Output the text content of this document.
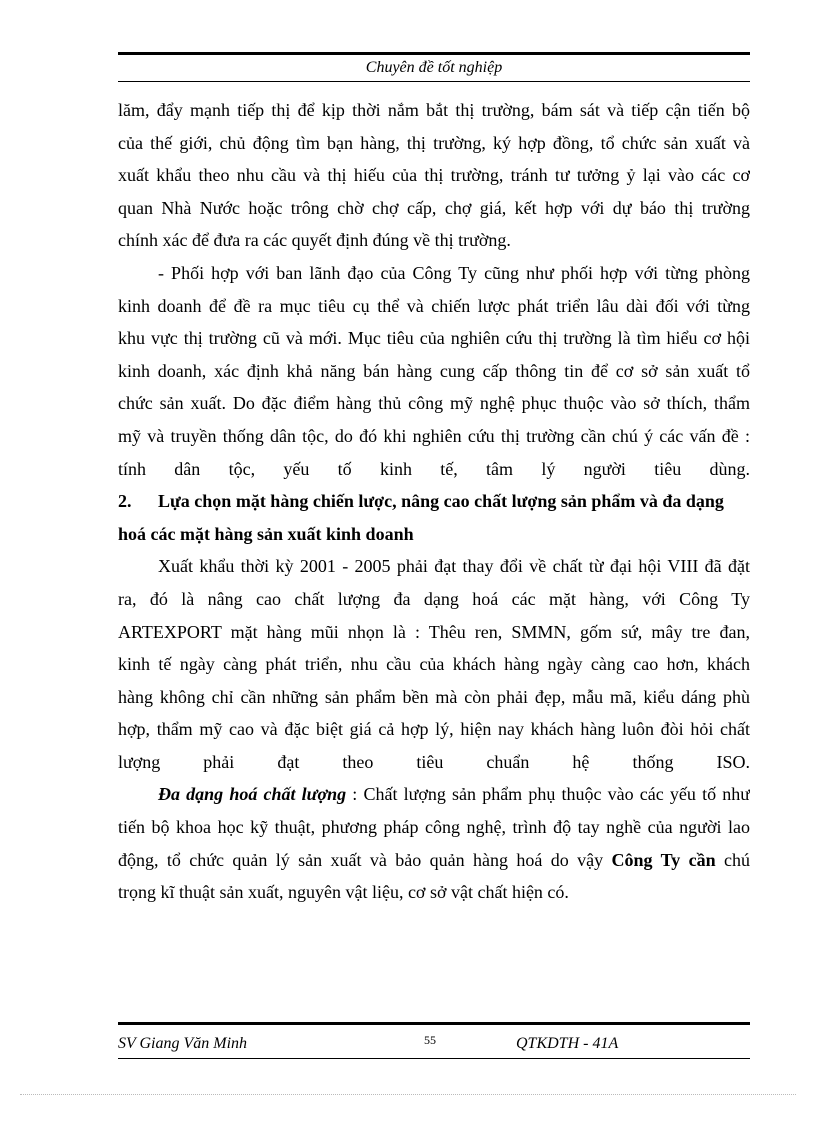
Chuyên đề tốt nghiệp
lăm, đẩy mạnh tiếp thị để kịp thời nắm bắt thị trường, bám sát và tiếp cận tiến bộ
của thế giới, chủ động tìm bạn hàng, thị trường, ký hợp đồng, tổ chức sản xuất và
xuất khẩu theo nhu cầu và thị hiếu của thị trường, tránh tư tưởng ỷ lại vào các cơ
quan Nhà Nước hoặc trông chờ chợ cấp, chợ giá, kết hợp với dự báo thị trường
chính xác để đưa ra các quyết định đúng về thị trường.
- Phối hợp với ban lãnh đạo của Công Ty cũng như phối hợp với từng phòng
kinh doanh để đề ra mục tiêu cụ thể và chiến lược phát triển lâu dài đối với từng
khu vực thị trường cũ và mới. Mục tiêu của nghiên cứu thị trường là tìm hiểu cơ hội
kinh doanh, xác định khả năng bán hàng cung cấp thông tin để cơ sở sản xuất tổ
chức sản xuất. Do đặc điểm hàng thủ công mỹ nghệ phục thuộc vào sở thích, thẩm
mỹ và truyền thống dân tộc, do đó khi nghiên cứu thị trường cần chú ý các vấn đề :
tính dân tộc, yếu tố kinh tế, tâm lý người tiêu dùng.
2. Lựa chọn mặt hàng chiến lược, nâng cao chất lượng sản phẩm và đa dạng
hoá các mặt hàng sản xuất kinh doanh
Xuất khẩu thời kỳ 2001 - 2005 phải đạt thay đổi về chất từ đại hội VIII đã đặt
ra, đó là nâng cao chất lượng đa dạng hoá các mặt hàng, với Công Ty
ARTEXPORT mặt hàng mũi nhọn là : Thêu ren, SMMN, gốm sứ, mây tre đan,
kinh tế ngày càng phát triển, nhu cầu của khách hàng ngày càng cao hơn, khách
hàng không chỉ cần những sản phẩm bền mà còn phải đẹp, mẫu mã, kiểu dáng phù
hợp, thẩm mỹ cao và đặc biệt giá cả hợp lý, hiện nay khách hàng luôn đòi hỏi chất
lượng phải đạt theo tiêu chuẩn hệ thống ISO.
Đa dạng hoá chất lượng : Chất lượng sản phẩm phụ thuộc vào các yếu tố như
tiến bộ khoa học kỹ thuật, phương pháp công nghệ, trình độ tay nghề của người lao
động, tổ chức quản lý sản xuất và bảo quản hàng hoá do vậy Công Ty cần chú
trọng kĩ thuật sản xuất, nguyên vật liệu, cơ sở vật chất hiện có.
SV Giang Văn Minh	55	QTKDTH - 41A
